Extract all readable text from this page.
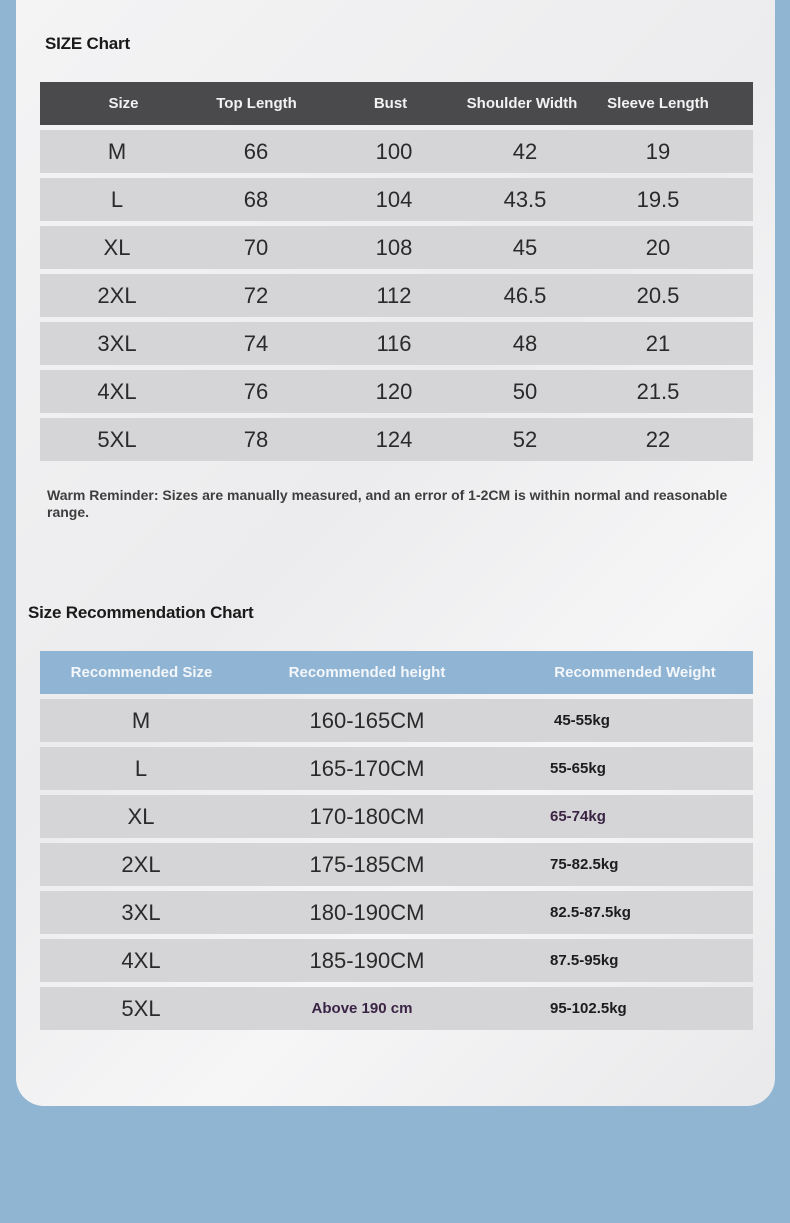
SIZE Chart
Size	Top Length	Bust	Shoulder Width	Sleeve Length
M	66	100	42	19
L	68	104	43.5	19.5
XL	70	108	45	20
2XL	72	112	46.5	20.5
3XL	74	116	48	21
4XL	76	120	50	21.5
5XL	78	124	52	22

Warm Reminder: Sizes are manually measured, and an error of 1-2CM is within normal and reasonable range.

Size Recommendation Chart
Recommended Size	Recommended height	Recommended Weight
M	160-165CM	45-55kg
L	165-170CM	55-65kg
XL	170-180CM	65-74kg
2XL	175-185CM	75-82.5kg
3XL	180-190CM	82.5-87.5kg
4XL	185-190CM	87.5-95kg
5XL	Above 190 cm	95-102.5kg
